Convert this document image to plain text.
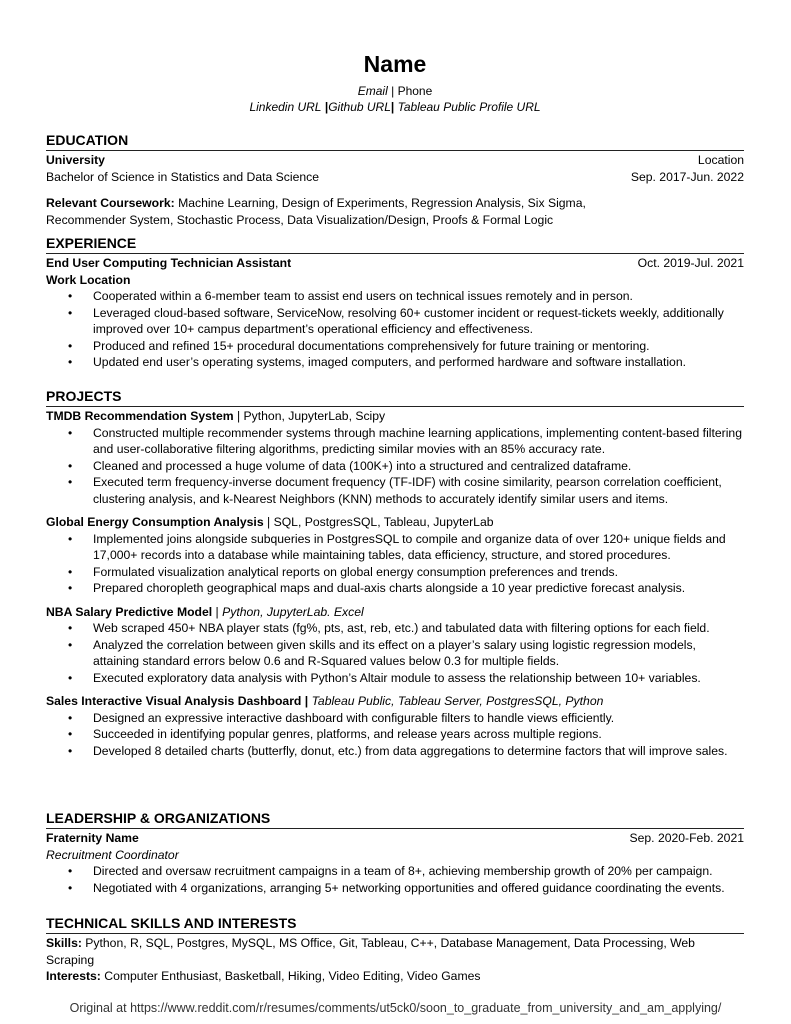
Name
Email | Phone
Linkedin URL |Github URL| Tableau Public Profile URL
EDUCATION
University	Location
Bachelor of Science in Statistics and Data Science	Sep. 2017-Jun. 2022
Relevant Coursework: Machine Learning, Design of Experiments, Regression Analysis, Six Sigma,
Recommender System, Stochastic Process, Data Visualization/Design, Proofs & Formal Logic
EXPERIENCE
End User Computing Technician Assistant	Oct. 2019-Jul. 2021
Work Location
• Cooperated within a 6-member team to assist end users on technical issues remotely and in person.
• Leveraged cloud-based software, ServiceNow, resolving 60+ customer incident or request-tickets weekly, additionally improved over 10+ campus department’s operational efficiency and effectiveness.
• Produced and refined 15+ procedural documentations comprehensively for future training or mentoring.
• Updated end user’s operating systems, imaged computers, and performed hardware and software installation.
PROJECTS
TMDB Recommendation System | Python, JupyterLab, Scipy
• Constructed multiple recommender systems through machine learning applications, implementing content-based filtering and user-collaborative filtering algorithms, predicting similar movies with an 85% accuracy rate.
• Cleaned and processed a huge volume of data (100K+) into a structured and centralized dataframe.
• Executed term frequency-inverse document frequency (TF-IDF) with cosine similarity, pearson correlation coefficient, clustering analysis, and k-Nearest Neighbors (KNN) methods to accurately identify similar users and items.
Global Energy Consumption Analysis | SQL, PostgresSQL, Tableau, JupyterLab
• Implemented joins alongside subqueries in PostgresSQL to compile and organize data of over 120+ unique fields and 17,000+ records into a database while maintaining tables, data efficiency, structure, and stored procedures.
• Formulated visualization analytical reports on global energy consumption preferences and trends.
• Prepared choropleth geographical maps and dual-axis charts alongside a 10 year predictive forecast analysis.
NBA Salary Predictive Model | Python, JupyterLab. Excel
• Web scraped 450+ NBA player stats (fg%, pts, ast, reb, etc.) and tabulated data with filtering options for each field.
• Analyzed the correlation between given skills and its effect on a player’s salary using logistic regression models, attaining standard errors below 0.6 and R-Squared values below 0.3 for multiple fields.
• Executed exploratory data analysis with Python’s Altair module to assess the relationship between 10+ variables.
Sales Interactive Visual Analysis Dashboard | Tableau Public, Tableau Server, PostgresSQL, Python
• Designed an expressive interactive dashboard with configurable filters to handle views efficiently.
• Succeeded in identifying popular genres, platforms, and release years across multiple regions.
• Developed 8 detailed charts (butterfly, donut, etc.) from data aggregations to determine factors that will improve sales.
LEADERSHIP & ORGANIZATIONS
Fraternity Name	Sep. 2020-Feb. 2021
Recruitment Coordinator
• Directed and oversaw recruitment campaigns in a team of 8+, achieving membership growth of 20% per campaign.
• Negotiated with 4 organizations, arranging 5+ networking opportunities and offered guidance coordinating the events.
TECHNICAL SKILLS AND INTERESTS
Skills: Python, R, SQL, Postgres, MySQL, MS Office, Git, Tableau, C++, Database Management, Data Processing, Web Scraping
Interests: Computer Enthusiast, Basketball, Hiking, Video Editing, Video Games
Original at https://www.reddit.com/r/resumes/comments/ut5ck0/soon_to_graduate_from_university_and_am_applying/
